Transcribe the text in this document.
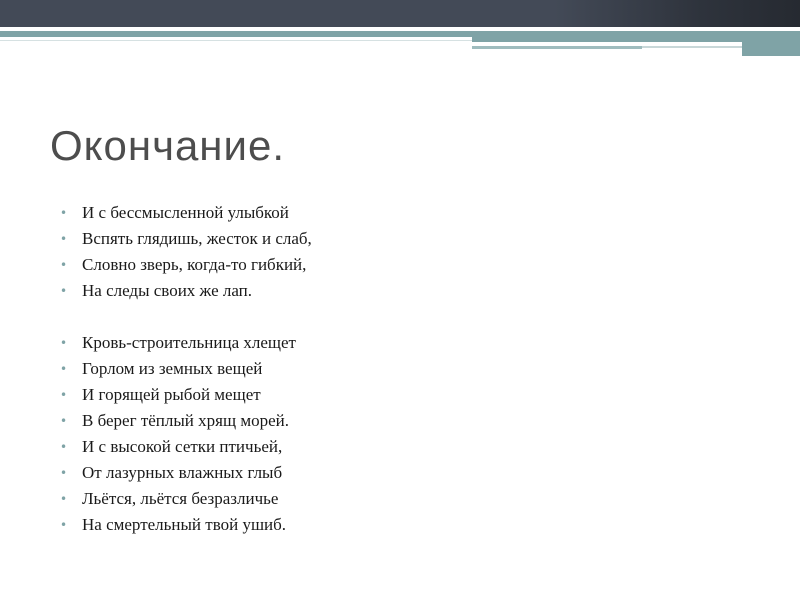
Окончание.
• И с бессмысленной улыбкой
• Вспять глядишь, жесток и слаб,
• Словно зверь, когда-то гибкий,
• На следы своих же лап.
• Кровь-строительница хлещет
• Горлом из земных вещей
• И горящей рыбой мещет
• В берег тёплый хрящ морей.
• И с высокой сетки птичьей,
• От лазурных влажных глыб
• Льётся, льётся безразличье
• На смертельный твой ушиб.
